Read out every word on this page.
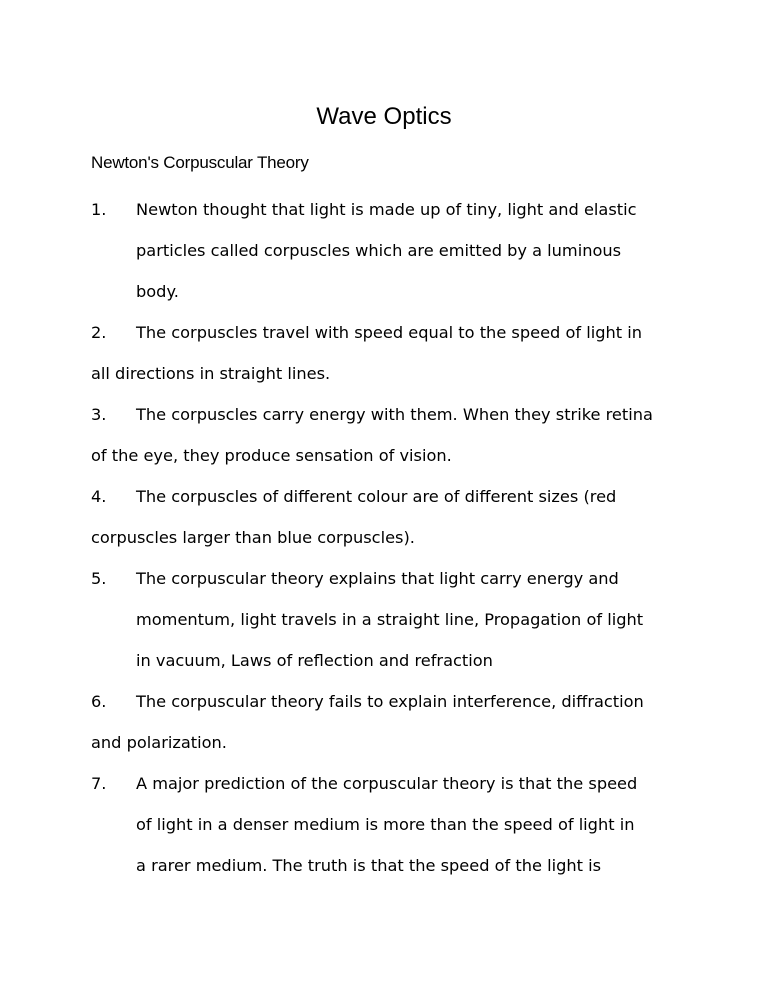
Wave Optics
Newton's Corpuscular Theory
1. Newton thought that light is made up of tiny, light and elastic
particles called corpuscles which are emitted by a luminous
body.
2. The corpuscles travel with speed equal to the speed of light in
all directions in straight lines.
3. The corpuscles carry energy with them. When they strike retina
of the eye, they produce sensation of vision.
4. The corpuscles of different colour are of different sizes (red
corpuscles larger than blue corpuscles).
5. The corpuscular theory explains that light carry energy and
momentum, light travels in a straight line, Propagation of light
in vacuum, Laws of reflection and refraction
6. The corpuscular theory fails to explain interference, diffraction
and polarization.
7. A major prediction of the corpuscular theory is that the speed
of light in a denser medium is more than the speed of light in
a rarer medium. The truth is that the speed of the light is
